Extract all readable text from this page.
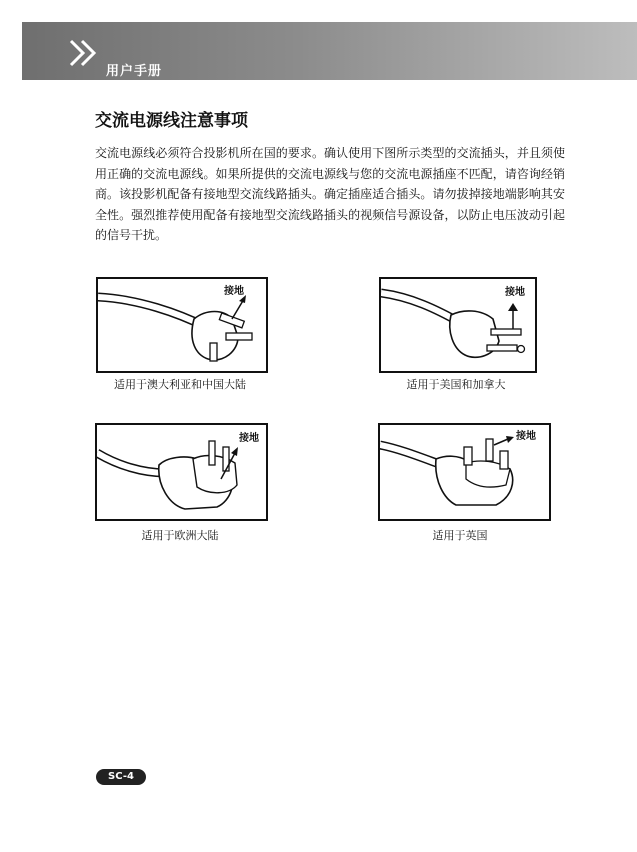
用户手册
交流电源线注意事项
交流电源线必须符合投影机所在国的要求。确认使用下图所示类型的交流插头，并且须使用正确的交流电源线。如果所提供的交流电源线与您的交流电源插座不匹配，请咨询经销商。该投影机配备有接地型交流线路插头。确定插座适合插头。请勿拔掉接地端影响其安全性。强烈推荐使用配备有接地型交流线路插头的视频信号源设备，以防止电压波动引起的信号干扰。
接地
适用于澳大利亚和中国大陆
接地
适用于美国和加拿大
接地
适用于欧洲大陆
接地
适用于英国
SC-4
